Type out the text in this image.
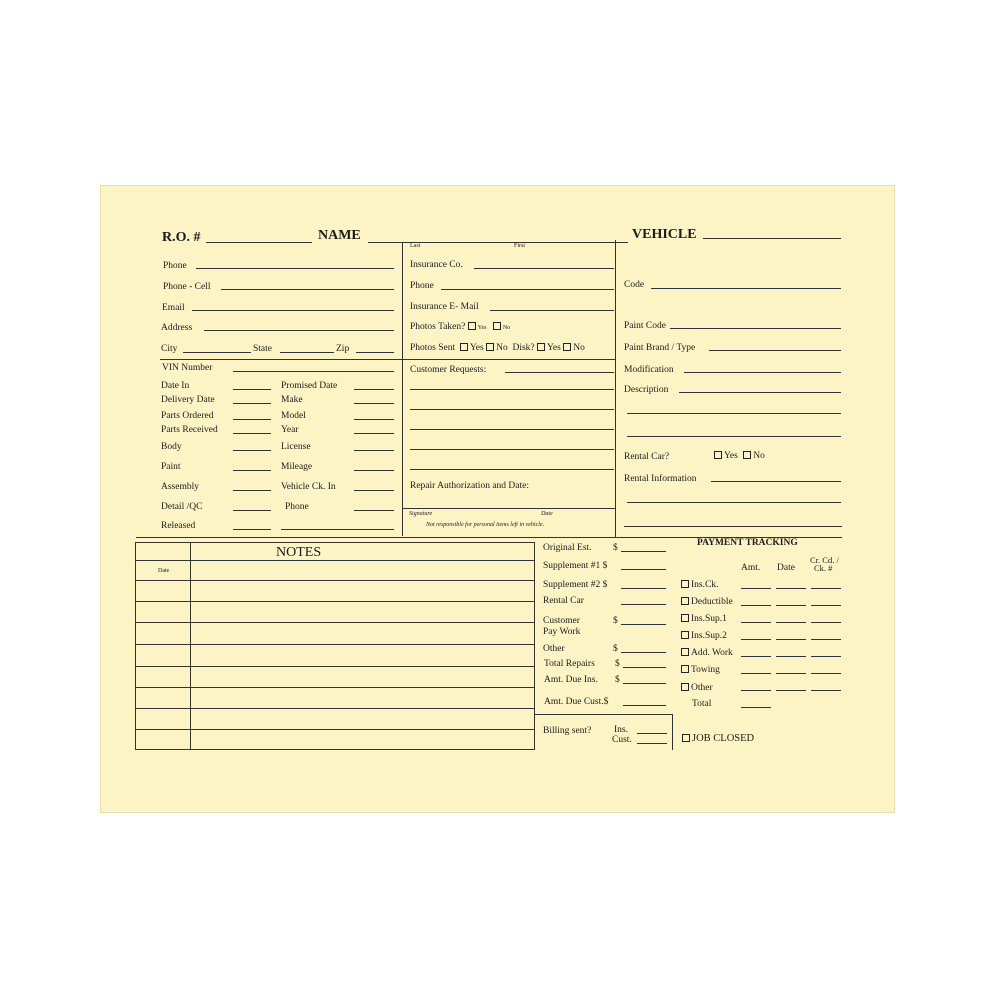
R.O. #	NAME
Last	First
VEHICLE
Phone
Phone - Cell
Email
Address
City	State	Zip
Insurance Co.
Phone
Insurance E- Mail
Photos Taken? Yes	No
Photos Sent Yes No Disk? Yes No
Code
Paint Code
Paint Brand / Type
Modification
Description
Rental Car?	Yes No
Rental Information
VIN Number
Date In	Promised Date
Delivery Date	Make
Parts Ordered	Model
Parts Received	Year
Body	License
Paint	Mileage
Assembly	Vehicle Ck. In
Detail /QC	Phone
Released
Customer Requests:
Repair Authorization and Date:
Signature	Date
Not responsible for personal items left in vehicle.
NOTES
Date
Original Est. $
Supplement #1 $
Supplement #2 $
Rental Car
Customer
Pay Work
$
Other	$
Total Repairs $
Amt. Due Ins. $
Amt. Due Cust.$
Billing sent? Ins.
Cust.
PAYMENT TRACKING
Amt. Date
Cr. Cd. /
Ck. #
Ins.Ck.
Deductible
Ins.Sup.1
Ins.Sup.2
Add. Work
Towing
Other
Total
JOB CLOSED
